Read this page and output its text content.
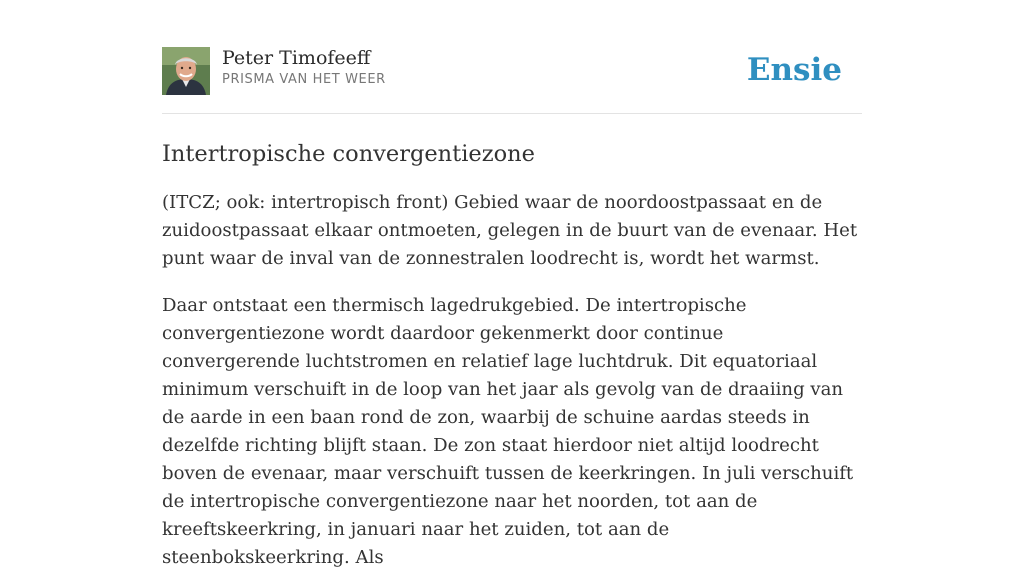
Peter Timofeeff
PRISMA VAN HET WEER	Ensie
Intertropische convergentiezone

(ITCZ; ook: intertropisch front) Gebied waar de noordoostpassaat en de zuidoostpassaat elkaar ontmoeten, gelegen in de buurt van de evenaar. Het punt waar de inval van de zonnestralen loodrecht is, wordt het warmst.

Daar ontstaat een thermisch lagedrukgebied. De intertropische convergentiezone wordt daardoor gekenmerkt door continue convergerende luchtstromen en relatief lage luchtdruk. Dit equatoriaal minimum verschuift in de loop van het jaar als gevolg van de draaiing van de aarde in een baan rond de zon, waarbij de schuine aardas steeds in dezelfde richting blijft staan. De zon staat hierdoor niet altijd loodrecht boven de evenaar, maar verschuift tussen de keerkringen. In juli verschuift de intertropische convergentiezone naar het noorden, tot aan de kreeftskeerkring, in januari naar het zuiden, tot aan de steenbokskeerkring. Als
